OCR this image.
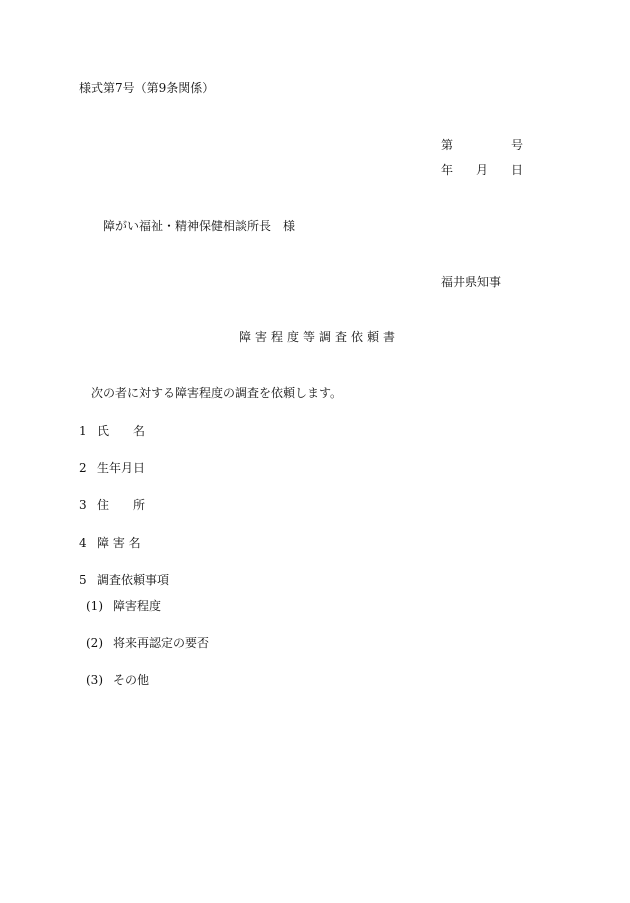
様式第7号（第9条関係）
第	号
年 月 日
障がい福祉・精神保健相談所長　様
福井県知事
障害程度等調査依頼書
次の者に対する障害程度の調査を依頼します。
1 氏　　名
2 生年月日
3 住　　所
4 障 害 名
5 調査依頼事項
(1) 障害程度
(2) 将来再認定の要否
(3) その他
